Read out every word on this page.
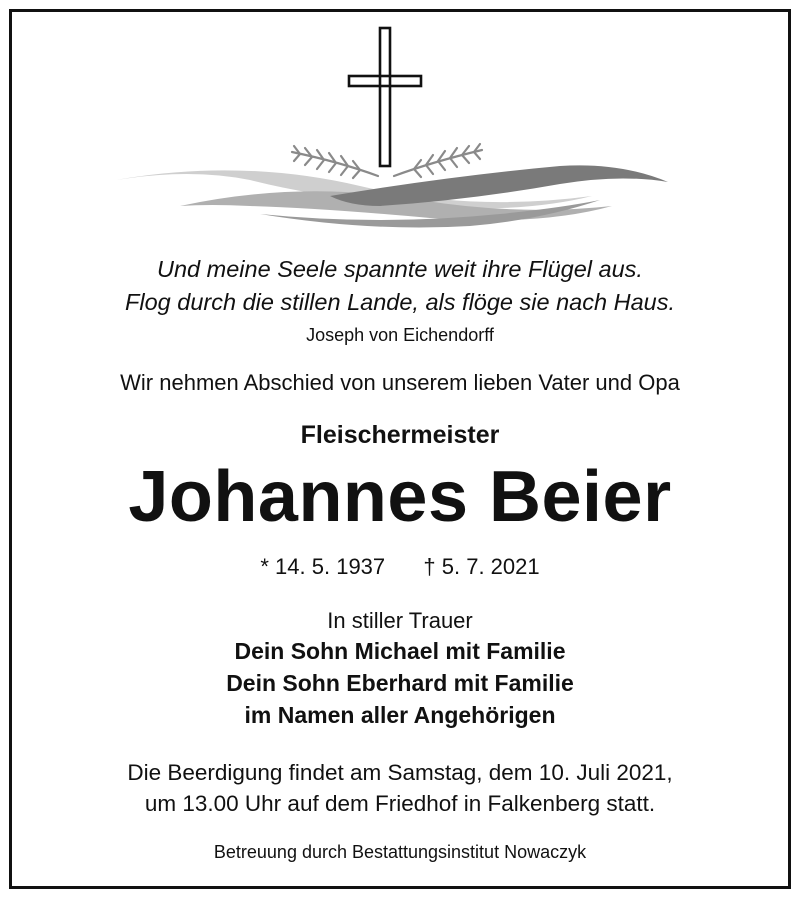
Und meine Seele spannte weit ihre Flügel aus.
Flog durch die stillen Lande, als flöge sie nach Haus.
Joseph von Eichendorff
Wir nehmen Abschied von unserem lieben Vater und Opa
Fleischermeister
Johannes Beier
* 14. 5. 1937 † 5. 7. 2021
In stiller Trauer
Dein Sohn Michael mit Familie
Dein Sohn Eberhard mit Familie
im Namen aller Angehörigen
Die Beerdigung findet am Samstag, dem 10. Juli 2021,
um 13.00 Uhr auf dem Friedhof in Falkenberg statt.
Betreuung durch Bestattungsinstitut Nowaczyk
